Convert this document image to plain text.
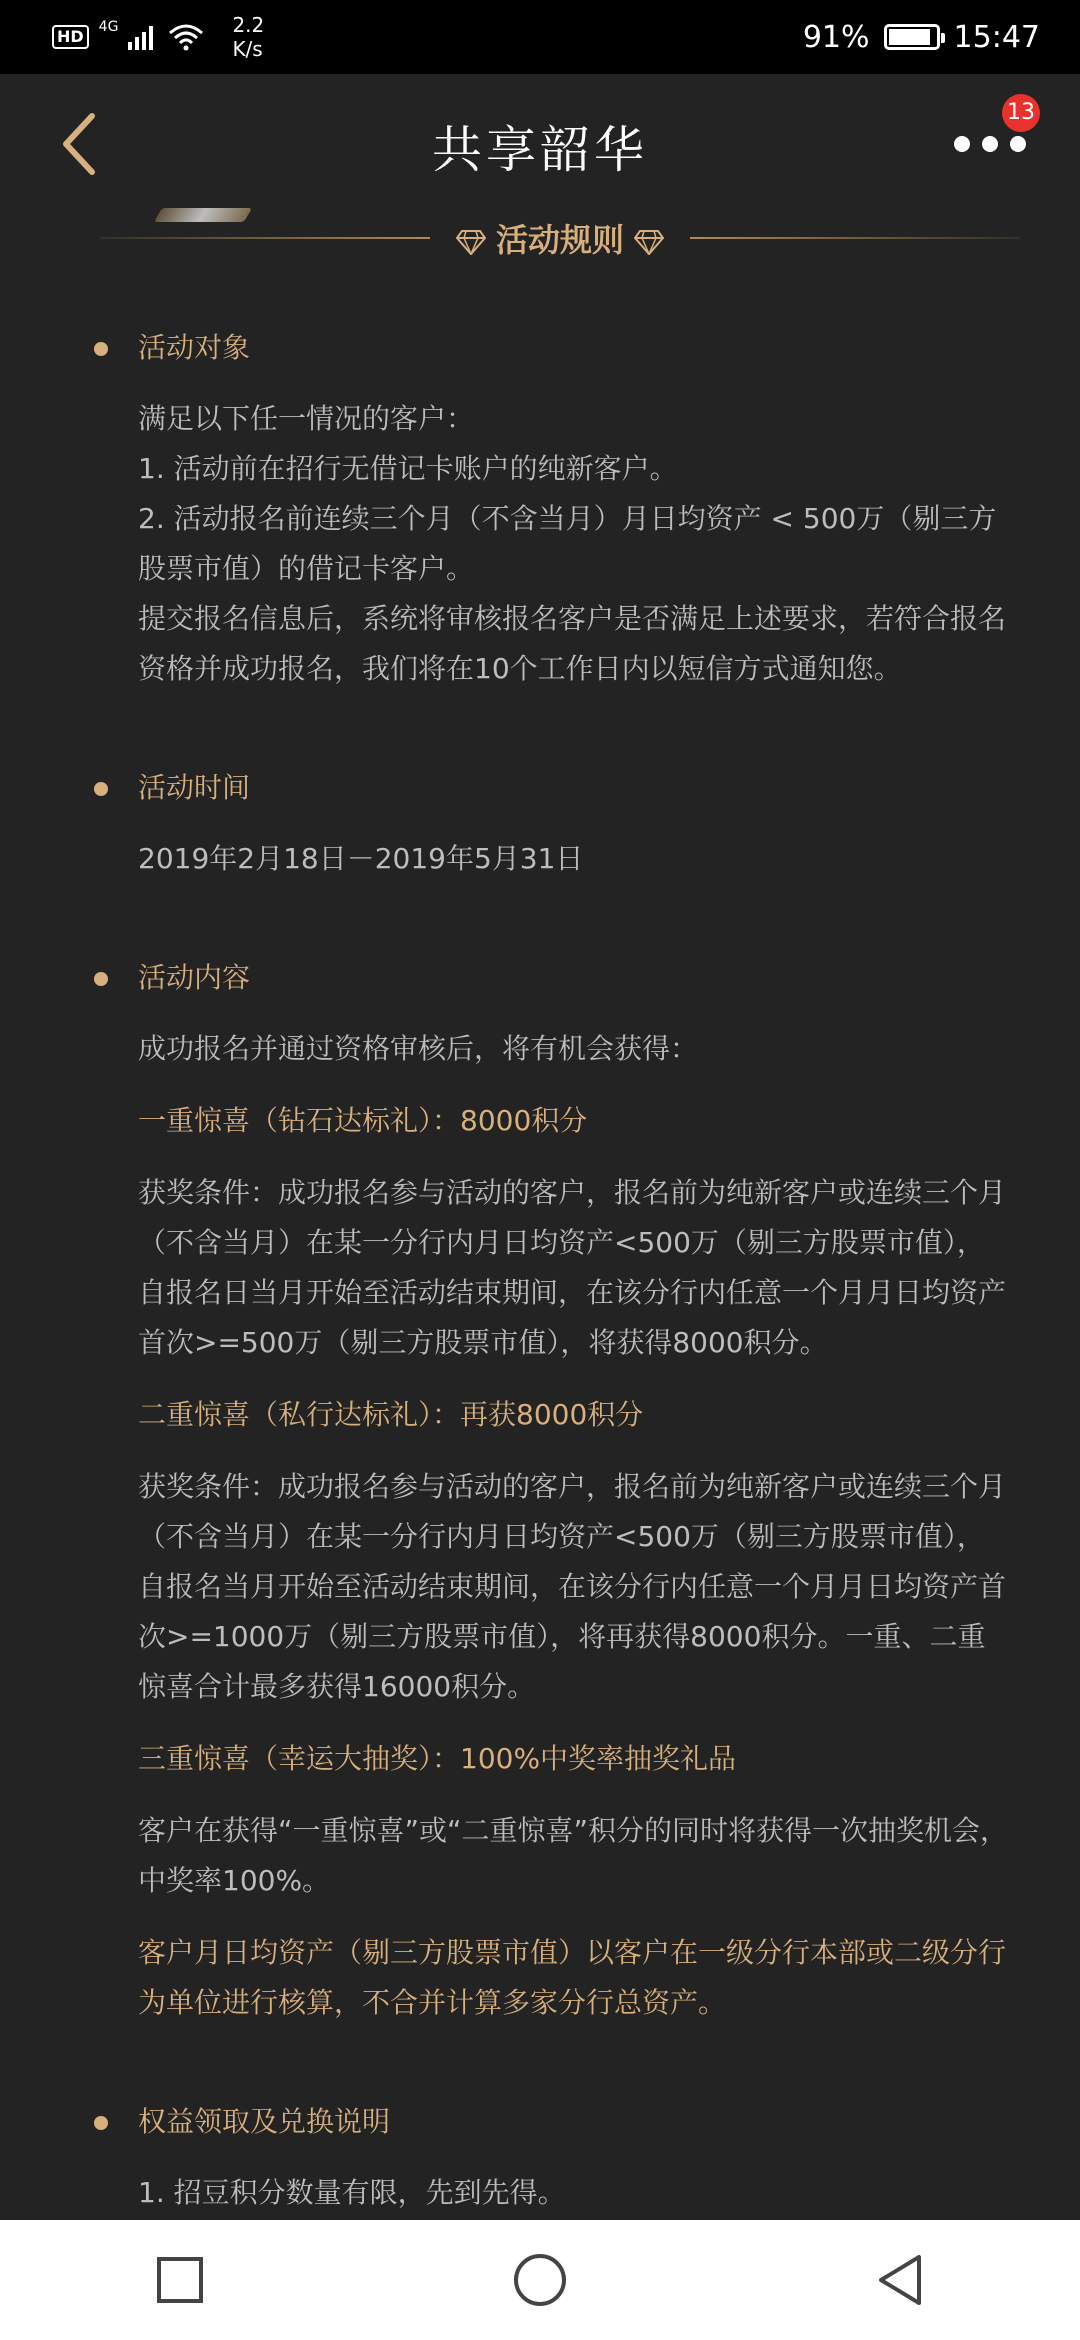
HD	4G	2.2
K/s	91%	15:47
共享韶华
13
活动规则
活动对象

满足以下任一情况的客户：

1. 活动前在招行无借记卡账户的纯新客户。

2. 活动报名前连续三个月（不含当月）月日均资产 < 500万（剔三方股票市值）的借记卡客户。

提交报名信息后，系统将审核报名客户是否满足上述要求，若符合报名资格并成功报名，我们将在10个工作日内以短信方式通知您。

活动时间

2019年2月18日－2019年5月31日

活动内容

成功报名并通过资格审核后，将有机会获得：

一重惊喜（钻石达标礼）：8000积分

获奖条件：成功报名参与活动的客户，报名前为纯新客户或连续三个月（不含当月）在某一分行内月日均资产<500万（剔三方股票市值），自报名日当月开始至活动结束期间，在该分行内任意一个月月日均资产首次>=500万（剔三方股票市值），将获得8000积分。

二重惊喜（私行达标礼）：再获8000积分

获奖条件：成功报名参与活动的客户，报名前为纯新客户或连续三个月（不含当月）在某一分行内月日均资产<500万（剔三方股票市值），自报名当月开始至活动结束期间，在该分行内任意一个月月日均资产首次>=1000万（剔三方股票市值），将再获得8000积分。一重、二重惊喜合计最多获得16000积分。

三重惊喜（幸运大抽奖）：100%中奖率抽奖礼品

客户在获得“一重惊喜”或“二重惊喜”积分的同时将获得一次抽奖机会，中奖率100%。

客户月日均资产（剔三方股票市值）以客户在一级分行本部或二级分行为单位进行核算，不合并计算多家分行总资产。

权益领取及兑换说明

1. 招豆积分数量有限，先到先得。
